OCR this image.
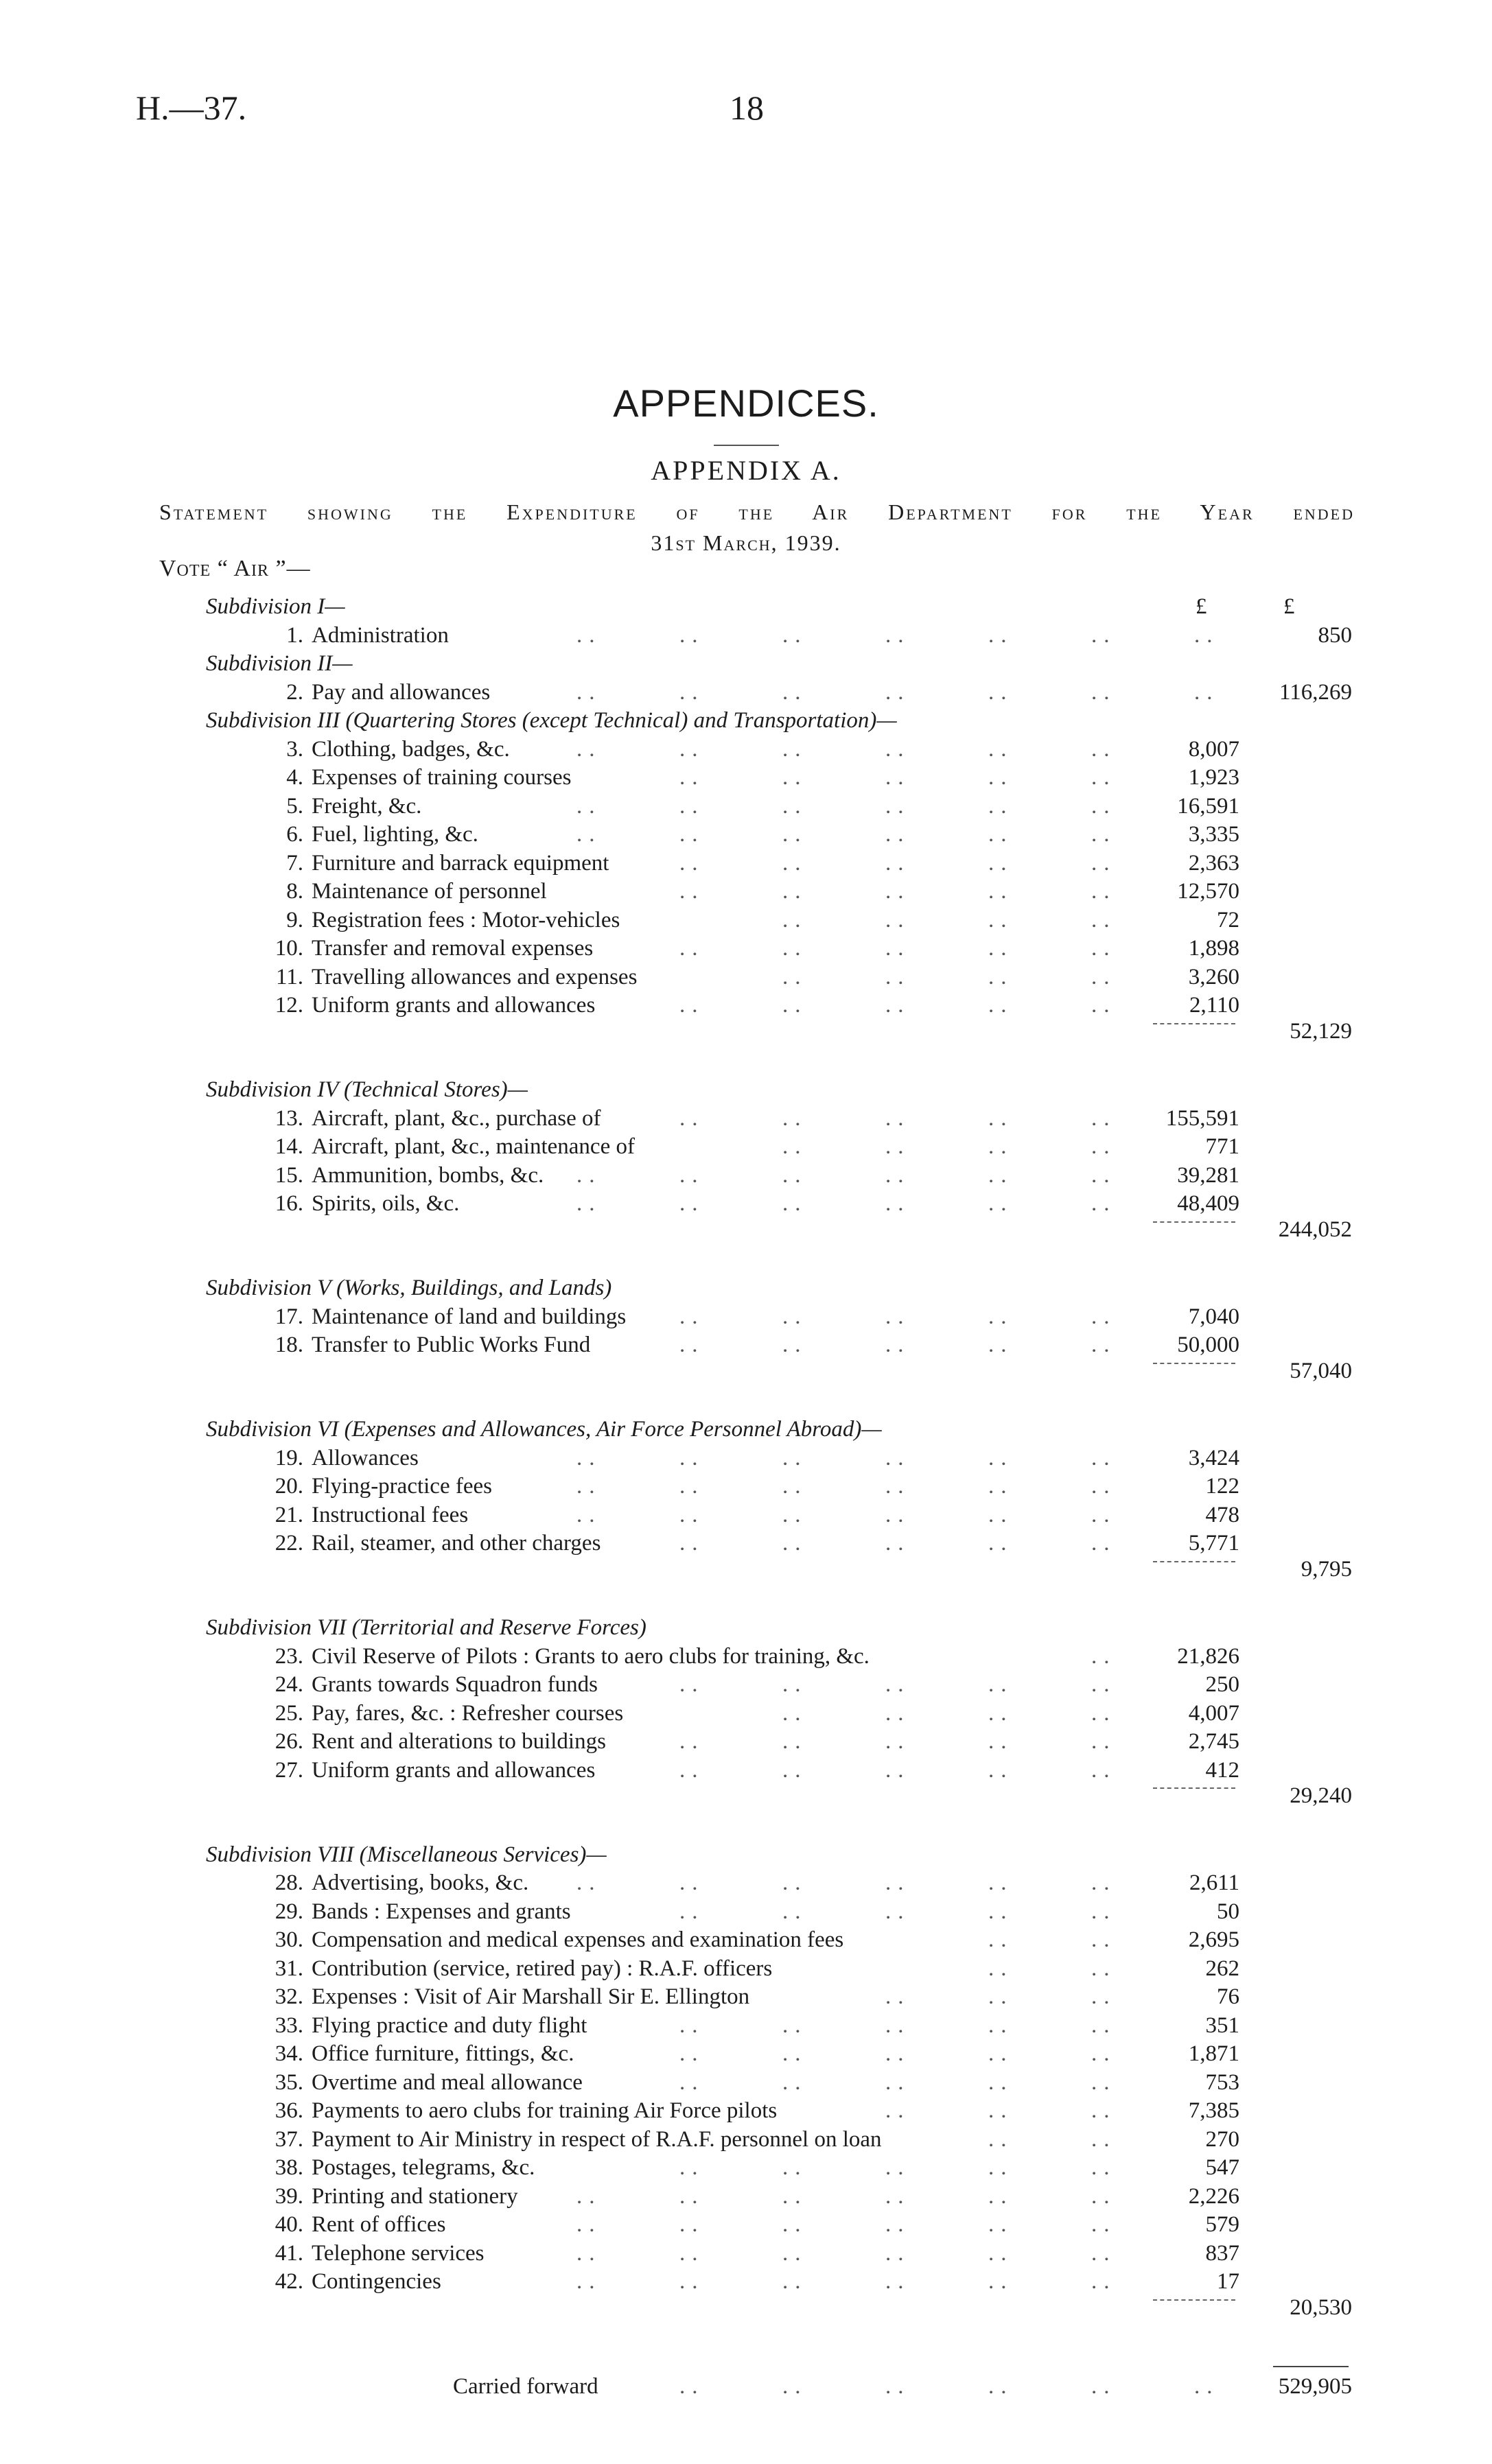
H.—37.	18
APPENDICES.
APPENDIX A.
Statement showing the Expenditure of the Air Department for the Year ended
31st March, 1939.
Vote “ Air ”—
Subdivision I—	£	£
..	..	..	..	..	..	..
1. Administration	850
Subdivision II—
..	..	..	..	..	..	..
2. Pay and allowances	116,269
Subdivision III (Quartering Stores (except Technical) and Transportation)—
..	..	..	..	..	..
3. Clothing, badges, &c.	8,007
..	..	..	..	..
4. Expenses of training courses	1,923
..	..	..	..	..	..
5. Freight, &c.	16,591
..	..	..	..	..	..
6. Fuel, lighting, &c.	3,335
..	..	..	..	..
7. Furniture and barrack equipment	2,363
..	..	..	..	..
8. Maintenance of personnel	12,570
..	..	..	..
9. Registration fees : Motor-vehicles	72
..	..	..	..	..
10. Transfer and removal expenses	1,898
..	..	..	..
11. Travelling allowances and expenses	3,260
..	..	..	..	..
12. Uniform grants and allowances	2,110
52,129
Subdivision IV (Technical Stores)—
..	..	..	..	..
13. Aircraft, plant, &c., purchase of	155,591
..	..	..	..
14. Aircraft, plant, &c., maintenance of	771
..	..	..	..	..	..
15. Ammunition, bombs, &c.	39,281
..	..	..	..	..	..
16. Spirits, oils, &c.	48,409
244,052
Subdivision V (Works, Buildings, and Lands)
..	..	..	..	..
17. Maintenance of land and buildings	7,040
..	..	..	..	..
18. Transfer to Public Works Fund	50,000
57,040
Subdivision VI (Expenses and Allowances, Air Force Personnel Abroad)—
..	..	..	..	..	..
19. Allowances	3,424
..	..	..	..	..	..
20. Flying-practice fees	122
..	..	..	..	..	..
21. Instructional fees	478
..	..	..	..	..
22. Rail, steamer, and other charges	5,771
9,795
Subdivision VII (Territorial and Reserve Forces)
..
23. Civil Reserve of Pilots : Grants to aero clubs for training, &c.	21,826
..	..	..	..	..
24. Grants towards Squadron funds	250
..	..	..	..
25. Pay, fares, &c. : Refresher courses	4,007
..	..	..	..	..
26. Rent and alterations to buildings	2,745
..	..	..	..	..
27. Uniform grants and allowances	412
29,240
Subdivision VIII (Miscellaneous Services)—
..	..	..	..	..	..
28. Advertising, books, &c.	2,611
..	..	..	..	..
29. Bands : Expenses and grants	50
..	..
30. Compensation and medical expenses and examination fees	2,695
..	..
31. Contribution (service, retired pay) : R.A.F. officers	262
..	..	..
32. Expenses : Visit of Air Marshall Sir E. Ellington	76
..	..	..	..	..
33. Flying practice and duty flight	351
..	..	..	..	..
34. Office furniture, fittings, &c.	1,871
..	..	..	..	..
35. Overtime and meal allowance	753
..	..	..
36. Payments to aero clubs for training Air Force pilots	7,385
..	..
37. Payment to Air Ministry in respect of R.A.F. personnel on loan	270
..	..	..	..	..
38. Postages, telegrams, &c.	547
..	..	..	..	..	..
39. Printing and stationery	2,226
..	..	..	..	..	..
40. Rent of offices	579
..	..	..	..	..	..
41. Telephone services	837
..	..	..	..	..	..
42. Contingencies	17
20,530
Carried forward	..	..	..	..	..	..	529,905
